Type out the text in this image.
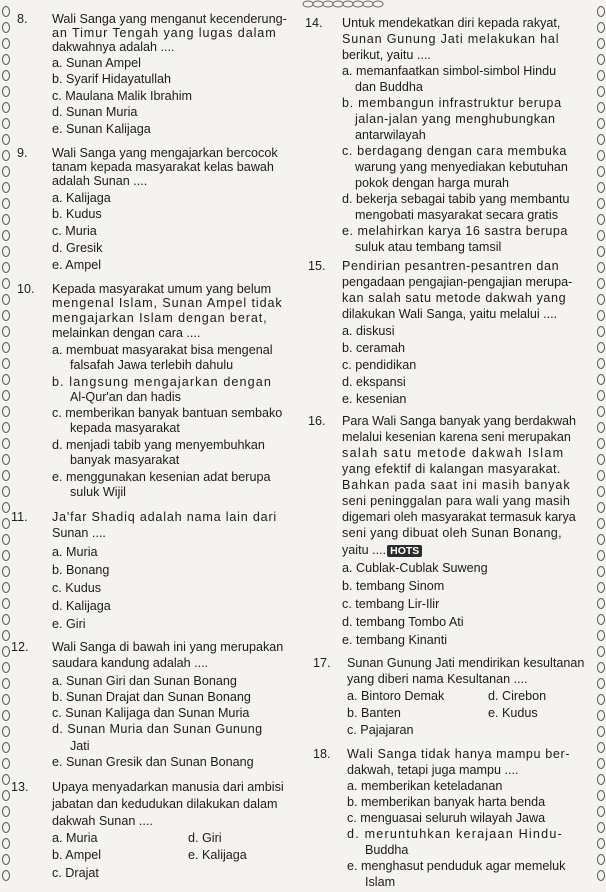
8. Wali Sanga yang menganut kecenderung-
an Timur Tengah yang lugas dalam
dakwahnya adalah ....
a. Sunan Ampel
b. Syarif Hidayatullah
c. Maulana Malik Ibrahim
d. Sunan Muria
e. Sunan Kalijaga
9. Wali Sanga yang mengajarkan bercocok
tanam kepada masyarakat kelas bawah
adalah Sunan ....
a. Kalijaga
b. Kudus
c. Muria
d. Gresik
e. Ampel
10. Kepada masyarakat umum yang belum
mengenal Islam, Sunan Ampel tidak
mengajarkan Islam dengan berat,
melainkan dengan cara ....
a. membuat masyarakat bisa mengenal
falsafah Jawa terlebih dahulu
b. langsung mengajarkan dengan
Al-Qur'an dan hadis
c. memberikan banyak bantuan sembako
kepada masyarakat
d. menjadi tabib yang menyembuhkan
banyak masyarakat
e. menggunakan kesenian adat berupa
suluk Wijil
11. Ja'far Shadiq adalah nama lain dari
Sunan ....
a. Muria
b. Bonang
c. Kudus
d. Kalijaga
e. Giri
12. Wali Sanga di bawah ini yang merupakan
saudara kandung adalah ....
a. Sunan Giri dan Sunan Bonang
b. Sunan Drajat dan Sunan Bonang
c. Sunan Kalijaga dan Sunan Muria
d. Sunan Muria dan Sunan Gunung
Jati
e. Sunan Gresik dan Sunan Bonang
13. Upaya menyadarkan manusia dari ambisi
jabatan dan kedudukan dilakukan dalam
dakwah Sunan ....
a. Muria
b. Ampel
c. Drajat
d. Giri
e. Kalijaga
14. Untuk mendekatkan diri kepada rakyat,
Sunan Gunung Jati melakukan hal
berikut, yaitu ....
a. memanfaatkan simbol-simbol Hindu
dan Buddha
b. membangun infrastruktur berupa
jalan-jalan yang menghubungkan
antarwilayah
c. berdagang dengan cara membuka
warung yang menyediakan kebutuhan
pokok dengan harga murah
d. bekerja sebagai tabib yang membantu
mengobati masyarakat secara gratis
e. melahirkan karya 16 sastra berupa
suluk atau tembang tamsil
15. Pendirian pesantren-pesantren dan
pengadaan pengajian-pengajian merupa-
kan salah satu metode dakwah yang
dilakukan Wali Sanga, yaitu melalui ....
a. diskusi
b. ceramah
c. pendidikan
d. ekspansi
e. kesenian
16. Para Wali Sanga banyak yang berdakwah
melalui kesenian karena seni merupakan
salah satu metode dakwah Islam
yang efektif di kalangan masyarakat.
Bahkan pada saat ini masih banyak
seni peninggalan para wali yang masih
digemari oleh masyarakat termasuk karya
seni yang dibuat oleh Sunan Bonang,
yaitu .... HOTS
a. Cublak-Cublak Suweng
b. tembang Sinom
c. tembang Lir-Ilir
d. tembang Tombo Ati
e. tembang Kinanti
17. Sunan Gunung Jati mendirikan kesultanan
yang diberi nama Kesultanan ....
a. Bintoro Demak
b. Banten
c. Pajajaran
d. Cirebon
e. Kudus
18. Wali Sanga tidak hanya mampu ber-
dakwah, tetapi juga mampu ....
a. memberikan keteladanan
b. memberikan banyak harta benda
c. menguasai seluruh wilayah Jawa
d. meruntuhkan kerajaan Hindu-
Buddha
e. menghasut penduduk agar memeluk
Islam
